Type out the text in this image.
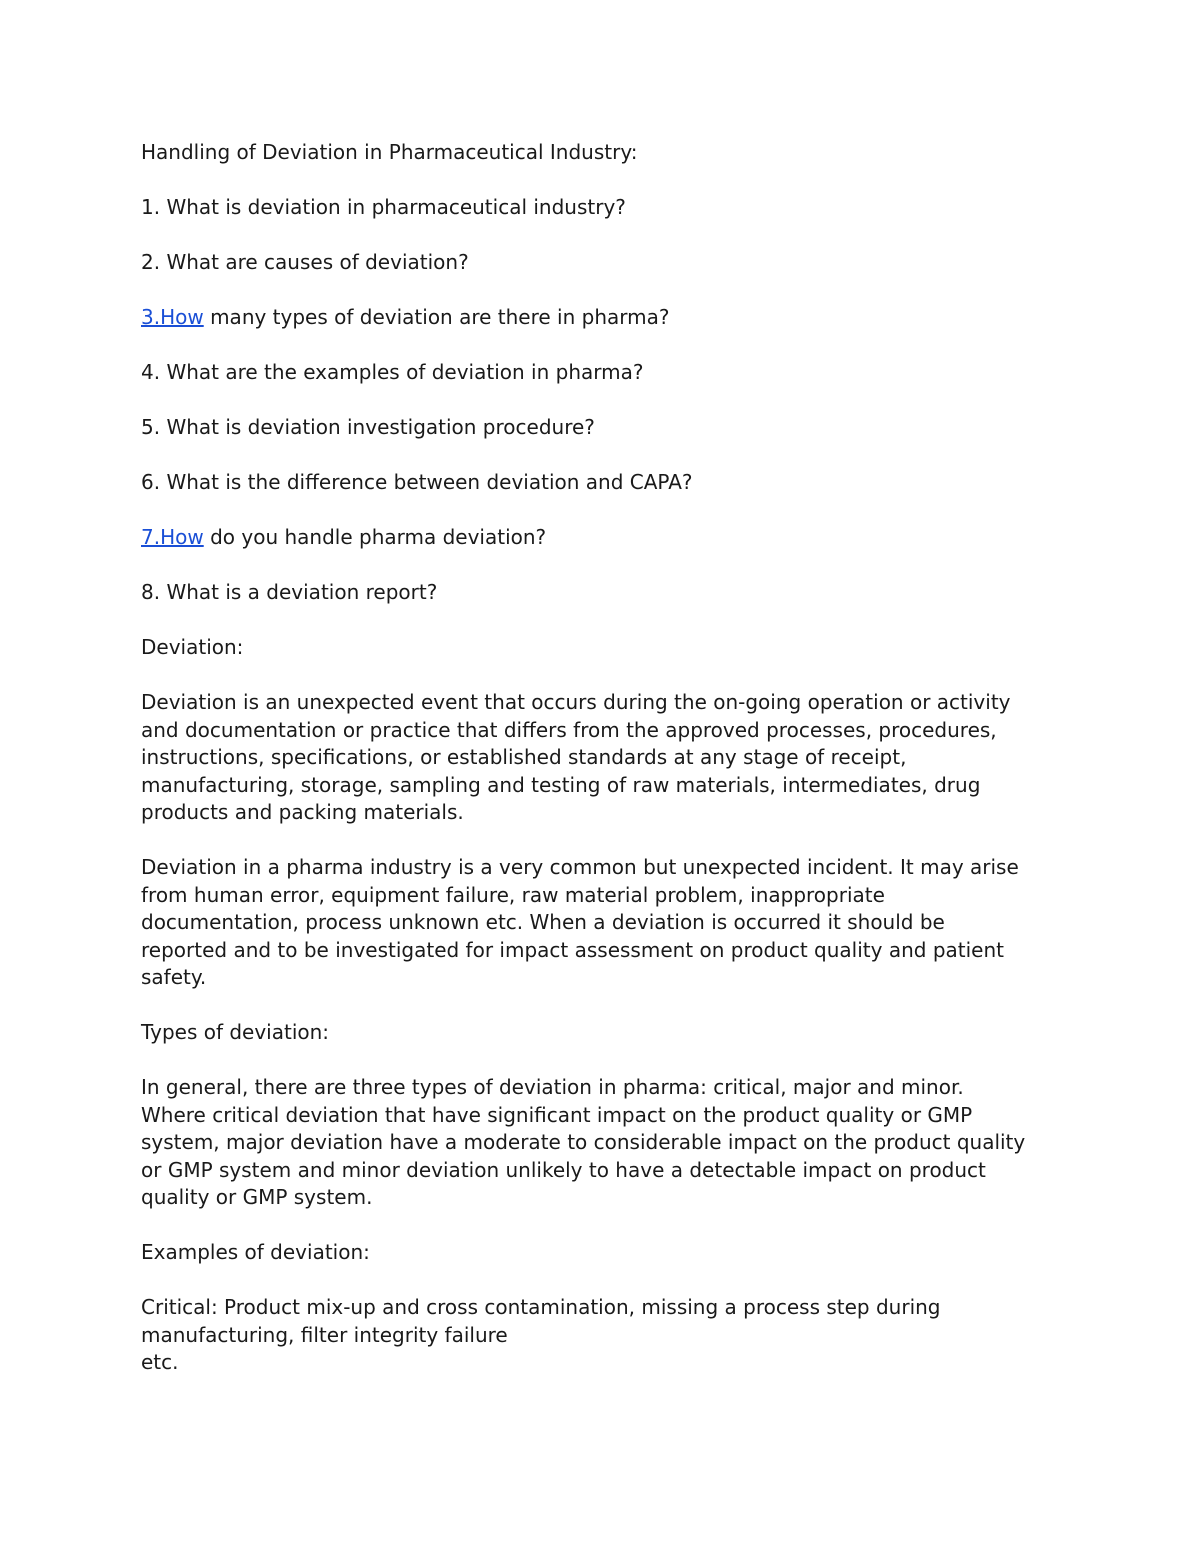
Handling of Deviation in Pharmaceutical Industry:

1. What is deviation in pharmaceutical industry?

2. What are causes of deviation?

3.How many types of deviation are there in pharma?

4. What are the examples of deviation in pharma?

5. What is deviation investigation procedure?

6. What is the difference between deviation and CAPA?

7.How do you handle pharma deviation?

8. What is a deviation report?

Deviation:

Deviation is an unexpected event that occurs during the on-going operation or activity
and documentation or practice that differs from the approved processes, procedures,
instructions, specifications, or established standards at any stage of receipt,
manufacturing, storage, sampling and testing of raw materials, intermediates, drug
products and packing materials.

Deviation in a pharma industry is a very common but unexpected incident. It may arise
from human error, equipment failure, raw material problem, inappropriate
documentation, process unknown etc. When a deviation is occurred it should be
reported and to be investigated for impact assessment on product quality and patient
safety.

Types of deviation:

In general, there are three types of deviation in pharma: critical, major and minor.
Where critical deviation that have significant impact on the product quality or GMP
system, major deviation have a moderate to considerable impact on the product quality
or GMP system and minor deviation unlikely to have a detectable impact on product
quality or GMP system.

Examples of deviation:

Critical: Product mix-up and cross contamination, missing a process step during
manufacturing, filter integrity failure
etc.
